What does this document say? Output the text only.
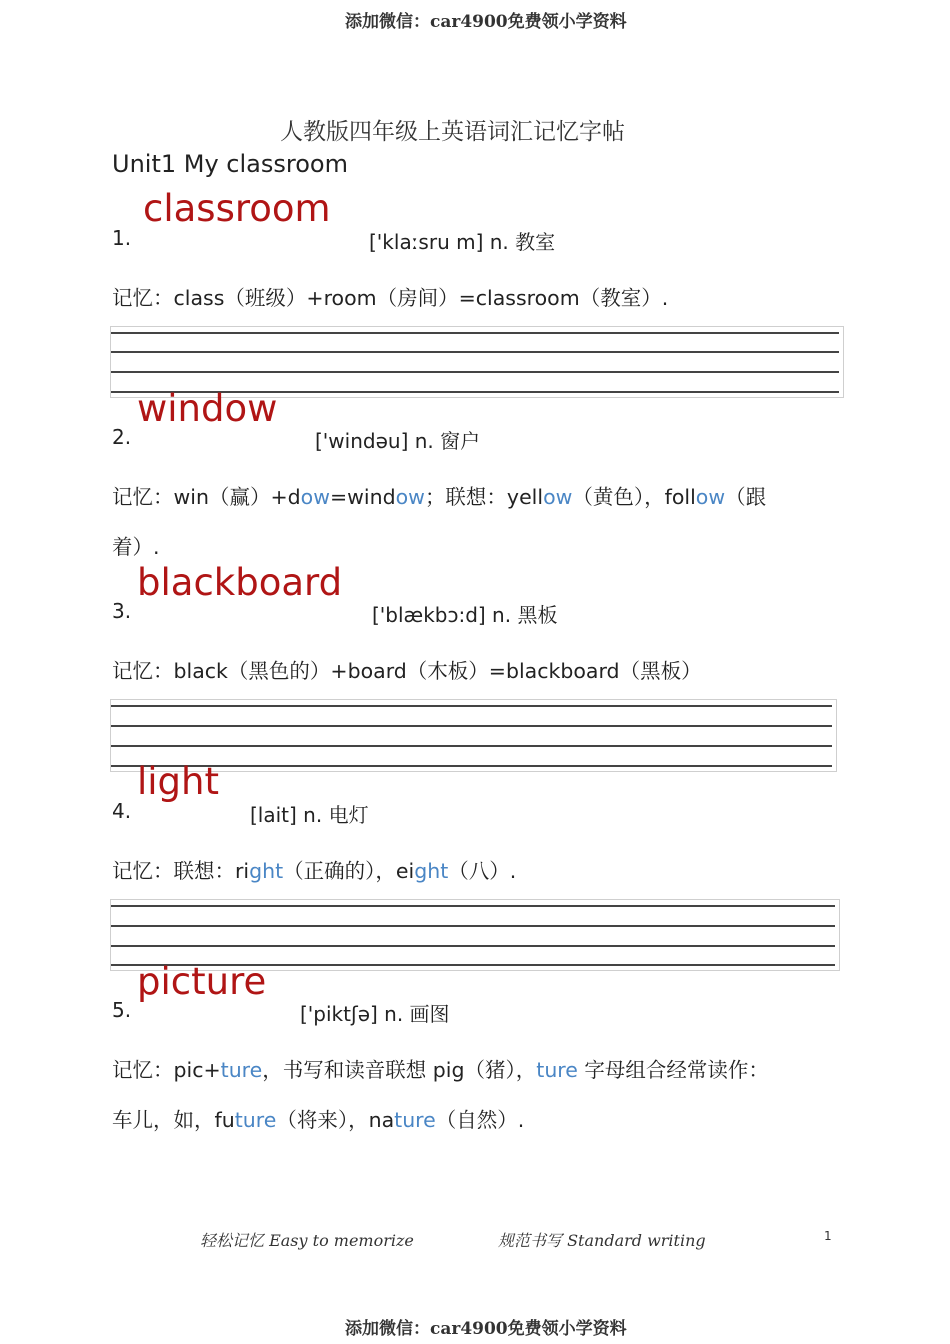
添加微信：car4900免费领小学资料
人教版四年级上英语词汇记忆字帖
Unit1 My classroom
classroom
1.	['klaːsru m] n. 教室
记忆：class（班级）+room（房间）=classroom（教室）.
window
2.	['windəu] n. 窗户
记忆：win（赢）+dow=window；联想：yellow（黄色），follow（跟
着）.
blackboard
3.	['blækbɔ:d] n. 黑板
记忆：black（黑色的）+board（木板）=blackboard（黑板）
light
4.	[lait] n. 电灯
记忆：联想：right（正确的），eight（八）.
picture
5.	['piktʃə] n. 画图
记忆：pic+ture，书写和读音联想 pig（猪），ture 字母组合经常读作：
车儿，如，future（将来），nature（自然）.
轻松记忆 Easy to memorize	规范书写 Standard writing	1
添加微信：car4900免费领小学资料
